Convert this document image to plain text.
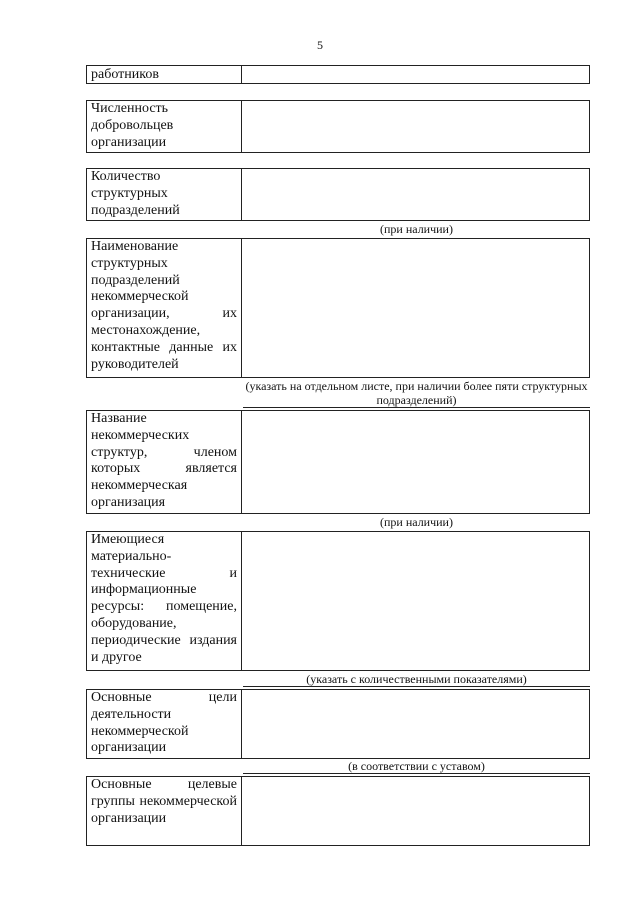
5
работников
Численность добровольцев организации
Количество структурных подразделений
(при наличии)
Наименование структурных подразделений некоммерческой организации, их местонахождение, контактные данные их руководителей
(указать на отдельном листе, при наличии более пяти структурных подразделений)
Название некоммерческих структур, членом которых является некоммерческая организация
(при наличии)
Имеющиеся материально-технические и информационные ресурсы: помещение, оборудование, периодические издания и другое
(указать с количественными показателями)
Основные цели деятельности некоммерческой организации
(в соответствии с уставом)
Основные целевые группы некоммерческой организации
